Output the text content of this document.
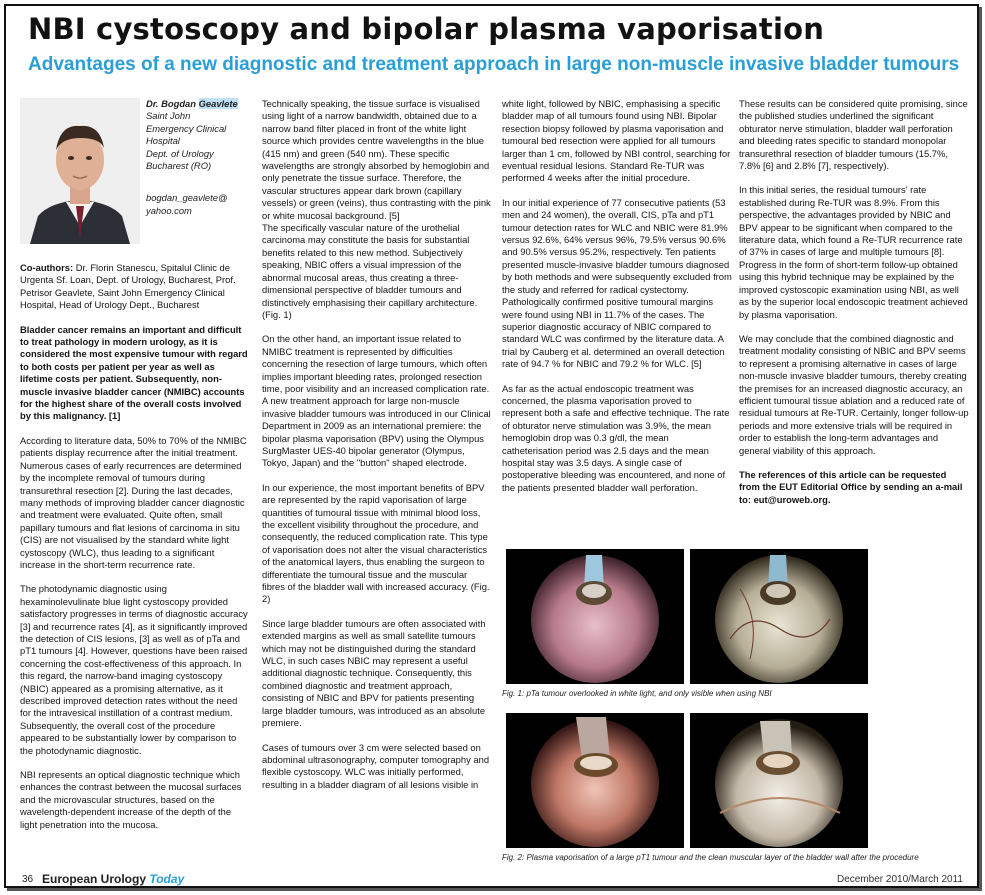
NBI cystoscopy and bipolar plasma vaporisation
Advantages of a new diagnostic and treatment approach in large non-muscle invasive bladder tumours
Dr. Bogdan Geavlete
Saint John
Emergency Clinical
Hospital
Dept. of Urology
Bucharest (RO)
bogdan_geavlete@
yahoo.com

Co-authors: Dr. Florin Stanescu, Spitalul Clinic de Urgenta Sf. Loan, Dept. of Urology, Bucharest, Prof. Petrisor Geavlete, Saint John Emergency Clinical Hospital, Head of Urology Dept., Bucharest

Bladder cancer remains an important and difficult to treat pathology in modern urology, as it is considered the most expensive tumour with regard to both costs per patient per year as well as lifetime costs per patient. Subsequently, non-muscle invasive bladder cancer (NMIBC) accounts for the highest share of the overall costs involved by this malignancy. [1]

According to literature data, 50% to 70% of the NMIBC patients display recurrence after the initial treatment. Numerous cases of early recurrences are determined by the incomplete removal of tumours during transurethral resection [2]. During the last decades, many methods of improving bladder cancer diagnostic and treatment were evaluated. Quite often, small papillary tumours and flat lesions of carcinoma in situ (CIS) are not visualised by the standard white light cystoscopy (WLC), thus leading to a significant increase in the short-term recurrence rate.

The photodynamic diagnostic using hexaminolevulinate blue light cystoscopy provided satisfactory progresses in terms of diagnostic accuracy [3] and recurrence rates [4], as it significantly improved the detection of CIS lesions, [3] as well as of pTa and pT1 tumours [4]. However, questions have been raised concerning the cost-effectiveness of this approach. In this regard, the narrow-band imaging cystoscopy (NBIC) appeared as a promising alternative, as it described improved detection rates without the need for the intravesical instillation of a contrast medium. Subsequently, the overall cost of the procedure appeared to be substantially lower by comparison to the photodynamic diagnostic.

NBI represents an optical diagnostic technique which enhances the contrast between the mucosal surfaces and the microvascular structures, based on the wavelength-dependent increase of the depth of the light penetration into the mucosa.

Technically speaking, the tissue surface is visualised using light of a narrow bandwidth, obtained due to a narrow band filter placed in front of the white light source which provides centre wavelengths in the blue (415 nm) and green (540 nm). These specific wavelengths are strongly absorbed by hemoglobin and only penetrate the tissue surface. Therefore, the vascular structures appear dark brown (capillary vessels) or green (veins), thus contrasting with the pink or white mucosal background. [5]
The specifically vascular nature of the urothelial carcinoma may constitute the basis for substantial benefits related to this new method. Subjectively speaking, NBIC offers a visual impression of the abnormal mucosal areas, thus creating a three-dimensional perspective of bladder tumours and distinctively emphasising their capillary architecture. (Fig. 1)

On the other hand, an important issue related to NMIBC treatment is represented by difficulties concerning the resection of large tumours, which often implies important bleeding rates, prolonged resection time, poor visibility and an increased complication rate. A new treatment approach for large non-muscle invasive bladder tumours was introduced in our Clinical Department in 2009 as an international premiere: the bipolar plasma vaporisation (BPV) using the Olympus SurgMaster UES-40 bipolar generator (Olympus, Tokyo, Japan) and the "button" shaped electrode.

In our experience, the most important benefits of BPV are represented by the rapid vaporisation of large quantities of tumoural tissue with minimal blood loss, the excellent visibility throughout the procedure, and consequently, the reduced complication rate. This type of vaporisation does not alter the visual characteristics of the anatomical layers, thus enabling the surgeon to differentiate the tumoural tissue and the muscular fibres of the bladder wall with increased accuracy. (Fig. 2)

Since large bladder tumours are often associated with extended margins as well as small satellite tumours which may not be distinguished during the standard WLC, in such cases NBIC may represent a useful additional diagnostic technique. Consequently, this combined diagnostic and treatment approach, consisting of NBIC and BPV for patients presenting large bladder tumours, was introduced as an absolute premiere.

Cases of tumours over 3 cm were selected based on abdominal ultrasonography, computer tomography and flexible cystoscopy. WLC was initially performed, resulting in a bladder diagram of all lesions visible in

white light, followed by NBIC, emphasising a specific bladder map of all tumours found using NBI. Bipolar resection biopsy followed by plasma vaporisation and tumoural bed resection were applied for all tumours larger than 1 cm, followed by NBI control, searching for eventual residual lesions. Standard Re-TUR was performed 4 weeks after the initial procedure.

In our initial experience of 77 consecutive patients (53 men and 24 women), the overall, CIS, pTa and pT1 tumour detection rates for WLC and NBIC were 81.9% versus 92.6%, 64% versus 96%, 79.5% versus 90.6% and 90.5% versus 95.2%, respectively. Ten patients presented muscle-invasive bladder tumours diagnosed by both methods and were subsequently excluded from the study and referred for radical cystectomy. Pathologically confirmed positive tumoural margins were found using NBI in 11.7% of the cases. The superior diagnostic accuracy of NBIC compared to standard WLC was confirmed by the literature data. A trial by Cauberg et al. determined an overall detection rate of 94.7 % for NBIC and 79.2 % for WLC. [5]

As far as the actual endoscopic treatment was concerned, the plasma vaporisation proved to represent both a safe and effective technique. The rate of obturator nerve stimulation was 3.9%, the mean hemoglobin drop was 0.3 g/dl, the mean catheterisation period was 2.5 days and the mean hospital stay was 3.5 days. A single case of postoperative bleeding was encountered, and none of the patients presented bladder wall perforation.

These results can be considered quite promising, since the published studies underlined the significant obturator nerve stimulation, bladder wall perforation and bleeding rates specific to standard monopolar transurethral resection of bladder tumours (15.7%, 7.8% [6] and 2.8% [7], respectively).

In this initial series, the residual tumours' rate established during Re-TUR was 8.9%. From this perspective, the advantages provided by NBIC and BPV appear to be significant when compared to the literature data, which found a Re-TUR recurrence rate of 37% in cases of large and multiple tumours [8]. Progress in the form of short-term follow-up obtained using this hybrid technique may be explained by the improved cystoscopic examination using NBI, as well as by the superior local endoscopic treatment achieved by plasma vaporisation.

We may conclude that the combined diagnostic and treatment modality consisting of NBIC and BPV seems to represent a promising alternative in cases of large non-muscle invasive bladder tumours, thereby creating the premises for an increased diagnostic accuracy, an efficient tumoural tissue ablation and a reduced rate of residual tumours at Re-TUR. Certainly, longer follow-up periods and more extensive trials will be required in order to establish the long-term advantages and general viability of this approach.

The references of this article can be requested from the EUT Editorial Office by sending an a-mail to: eut@uroweb.org.

Fig. 1: pTa tumour overlooked in white light, and only visible when using NBI
Fig. 2: Plasma vaporisation of a large pT1 tumour and the clean muscular layer of the bladder wall after the procedure
36 European Urology Today	December 2010/March 2011
